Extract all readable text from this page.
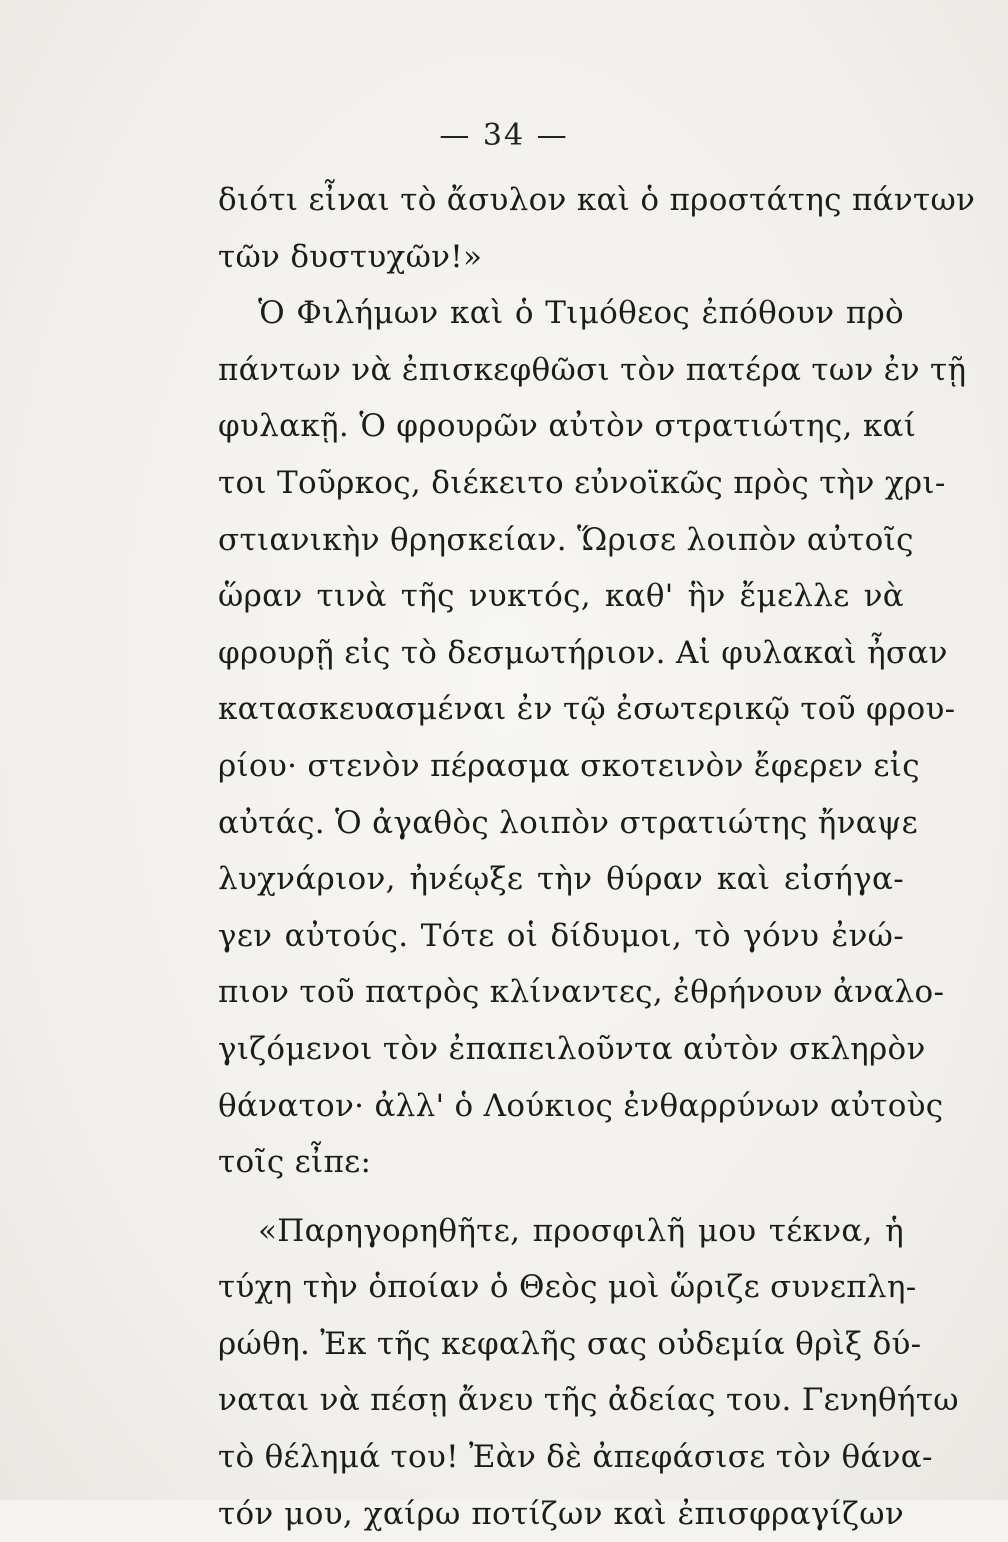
— 34 —
διότι εἶναι τὸ ἄσυλον καὶ ὁ προστάτης πάντων
τῶν δυστυχῶν!»
Ὁ Φιλήμων καὶ ὁ Τιμόθεος ἐπόθουν πρὸ
πάντων νὰ ἐπισκεφθῶσι τὸν πατέρα των ἐν τῇ
φυλακῇ. Ὁ φρουρῶν αὐτὸν στρατιώτης, καί
τοι Τοῦρκος, διέκειτο εὐνοϊκῶς πρὸς τὴν χρι-
στιανικὴν θρησκείαν. Ὥρισε λοιπὸν αὐτοῖς
ὥραν τινὰ τῆς νυκτός, καθ' ἣν ἔμελλε νὰ
φρουρῇ εἰς τὸ δεσμωτήριον. Αἱ φυλακαὶ ἦσαν
κατασκευασμέναι ἐν τῷ ἐσωτερικῷ τοῦ φρου-
ρίου· στενὸν πέρασμα σκοτεινὸν ἔφερεν εἰς
αὐτάς. Ὁ ἀγαθὸς λοιπὸν στρατιώτης ἤναψε
λυχνάριον, ἠνέῳξε τὴν θύραν καὶ εἰσήγα-
γεν αὐτούς. Τότε οἱ δίδυμοι, τὸ γόνυ ἐνώ-
πιον τοῦ πατρὸς κλίναντες, ἐθρήνουν ἀναλο-
γιζόμενοι τὸν ἐπαπειλοῦντα αὐτὸν σκληρὸν
θάνατον· ἀλλ' ὁ Λούκιος ἐνθαρρύνων αὐτοὺς
τοῖς εἶπε:
«Παρηγορηθῆτε, προσφιλῆ μου τέκνα, ἡ
τύχη τὴν ὁποίαν ὁ Θεὸς μοὶ ὥριζε συνεπλη-
ρώθη. Ἐκ τῆς κεφαλῆς σας οὐδεμία θρὶξ δύ-
ναται νὰ πέσῃ ἄνευ τῆς ἀδείας του. Γενηθήτω
τὸ θέλημά του! Ἐὰν δὲ ἀπεφάσισε τὸν θάνα-
τόν μου, χαίρω ποτίζων καὶ ἐπισφραγίζων
